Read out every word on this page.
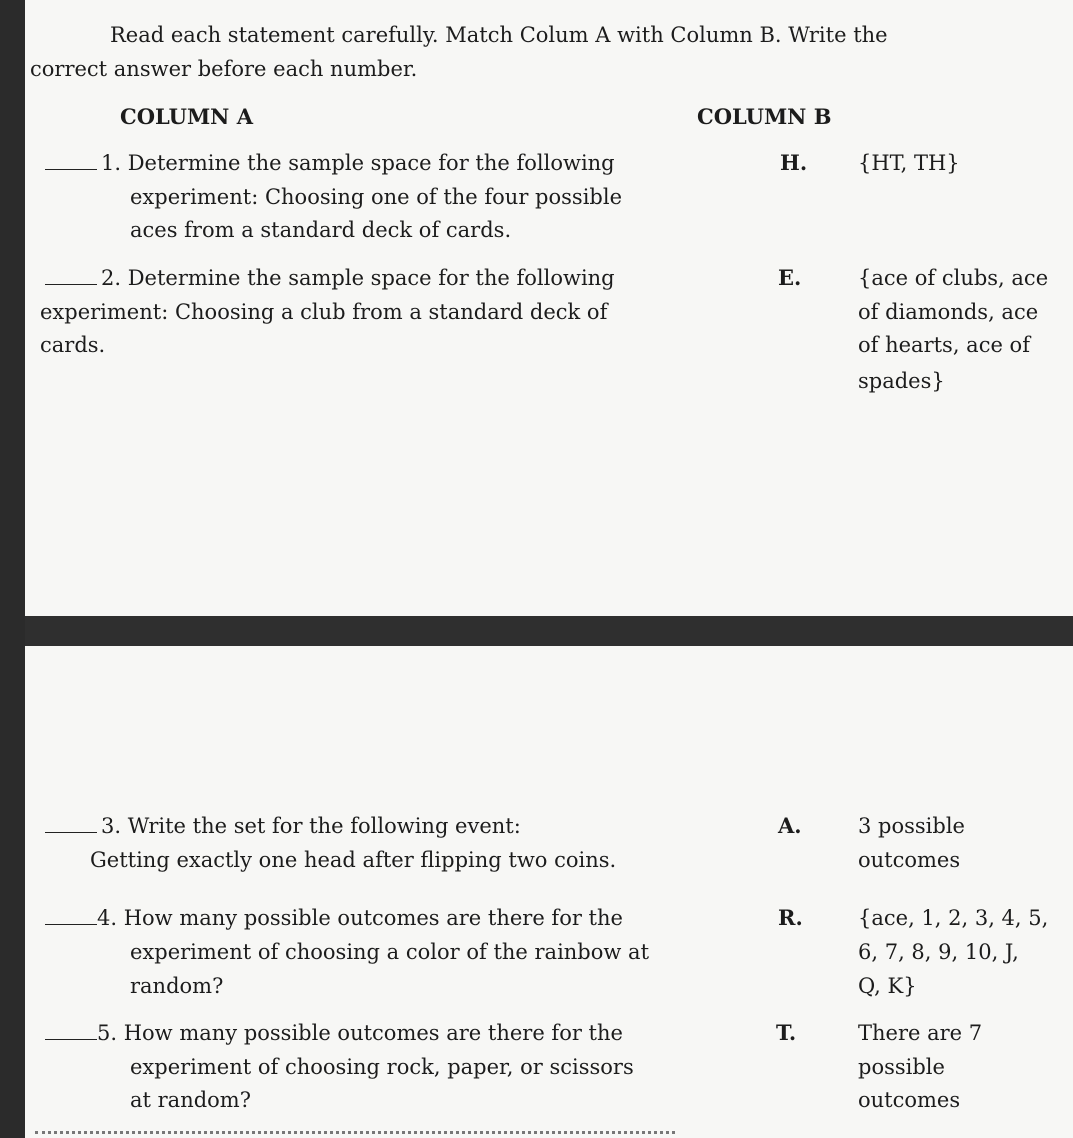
Read each statement carefully. Match Colum A with Column B. Write the
correct answer before each number.
COLUMN A	COLUMN B
1. Determine the sample space for the following
experiment: Choosing one of the four possible
aces from a standard deck of cards.
H. {HT, TH}
2. Determine the sample space for the following
experiment: Choosing a club from a standard deck of
cards.
E.	{ace of clubs, ace
of diamonds, ace
of hearts, ace of
spades}
3. Write the set for the following event:
Getting exactly one head after flipping two coins.
A.	3 possible
outcomes
4. How many possible outcomes are there for the
experiment of choosing a color of the rainbow at
random?
R.	{ace, 1, 2, 3, 4, 5,
6, 7, 8, 9, 10, J,
Q, K}
5. How many possible outcomes are there for the
experiment of choosing rock, paper, or scissors
at random?
T.	There are 7
possible
outcomes
